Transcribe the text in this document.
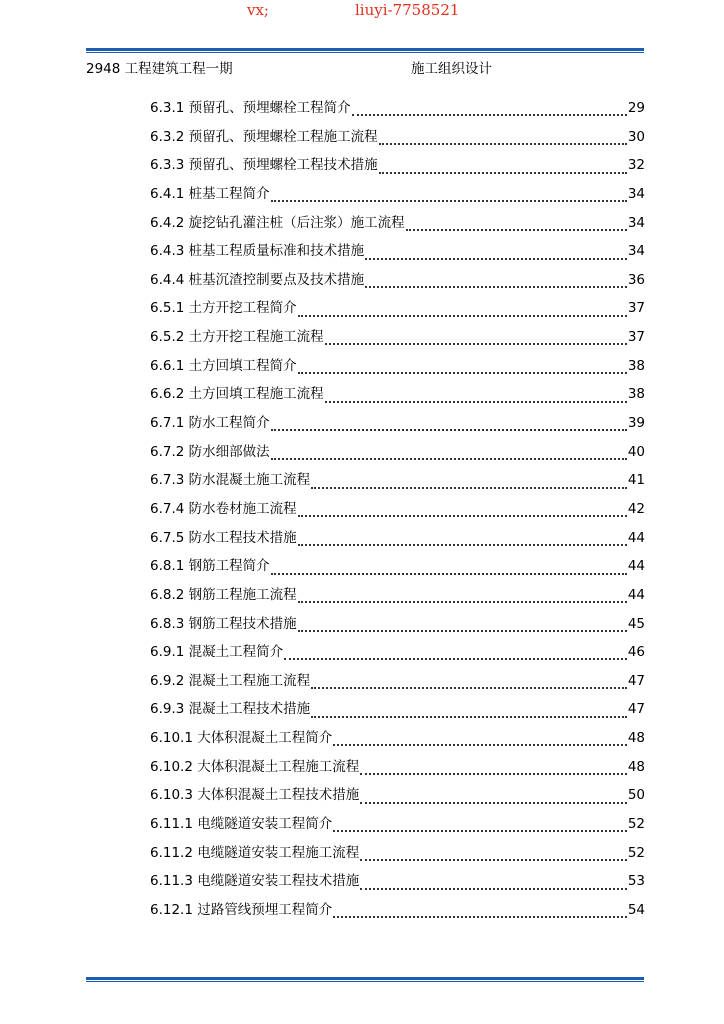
vx;	liuyi-7758521
2948 工程建筑工程一期	施工组织设计
6.3.1 预留孔、预埋螺栓工程简介	29
6.3.2 预留孔、预埋螺栓工程施工流程	30
6.3.3 预留孔、预埋螺栓工程技术措施	32
6.4.1 桩基工程简介	34
6.4.2 旋挖钻孔灌注桩（后注浆）施工流程	34
6.4.3 桩基工程质量标准和技术措施	34
6.4.4 桩基沉渣控制要点及技术措施	36
6.5.1 土方开挖工程简介	37
6.5.2 土方开挖工程施工流程	37
6.6.1 土方回填工程简介	38
6.6.2 土方回填工程施工流程	38
6.7.1 防水工程简介	39
6.7.2 防水细部做法	40
6.7.3 防水混凝土施工流程	41
6.7.4 防水卷材施工流程	42
6.7.5 防水工程技术措施	44
6.8.1 钢筋工程简介	44
6.8.2 钢筋工程施工流程	44
6.8.3 钢筋工程技术措施	45
6.9.1 混凝土工程简介	46
6.9.2 混凝土工程施工流程	47
6.9.3 混凝土工程技术措施	47
6.10.1 大体积混凝土工程简介	48
6.10.2 大体积混凝土工程施工流程	48
6.10.3 大体积混凝土工程技术措施	50
6.11.1 电缆隧道安装工程简介	52
6.11.2 电缆隧道安装工程施工流程	52
6.11.3 电缆隧道安装工程技术措施	53
6.12.1 过路管线预埋工程简介	54
